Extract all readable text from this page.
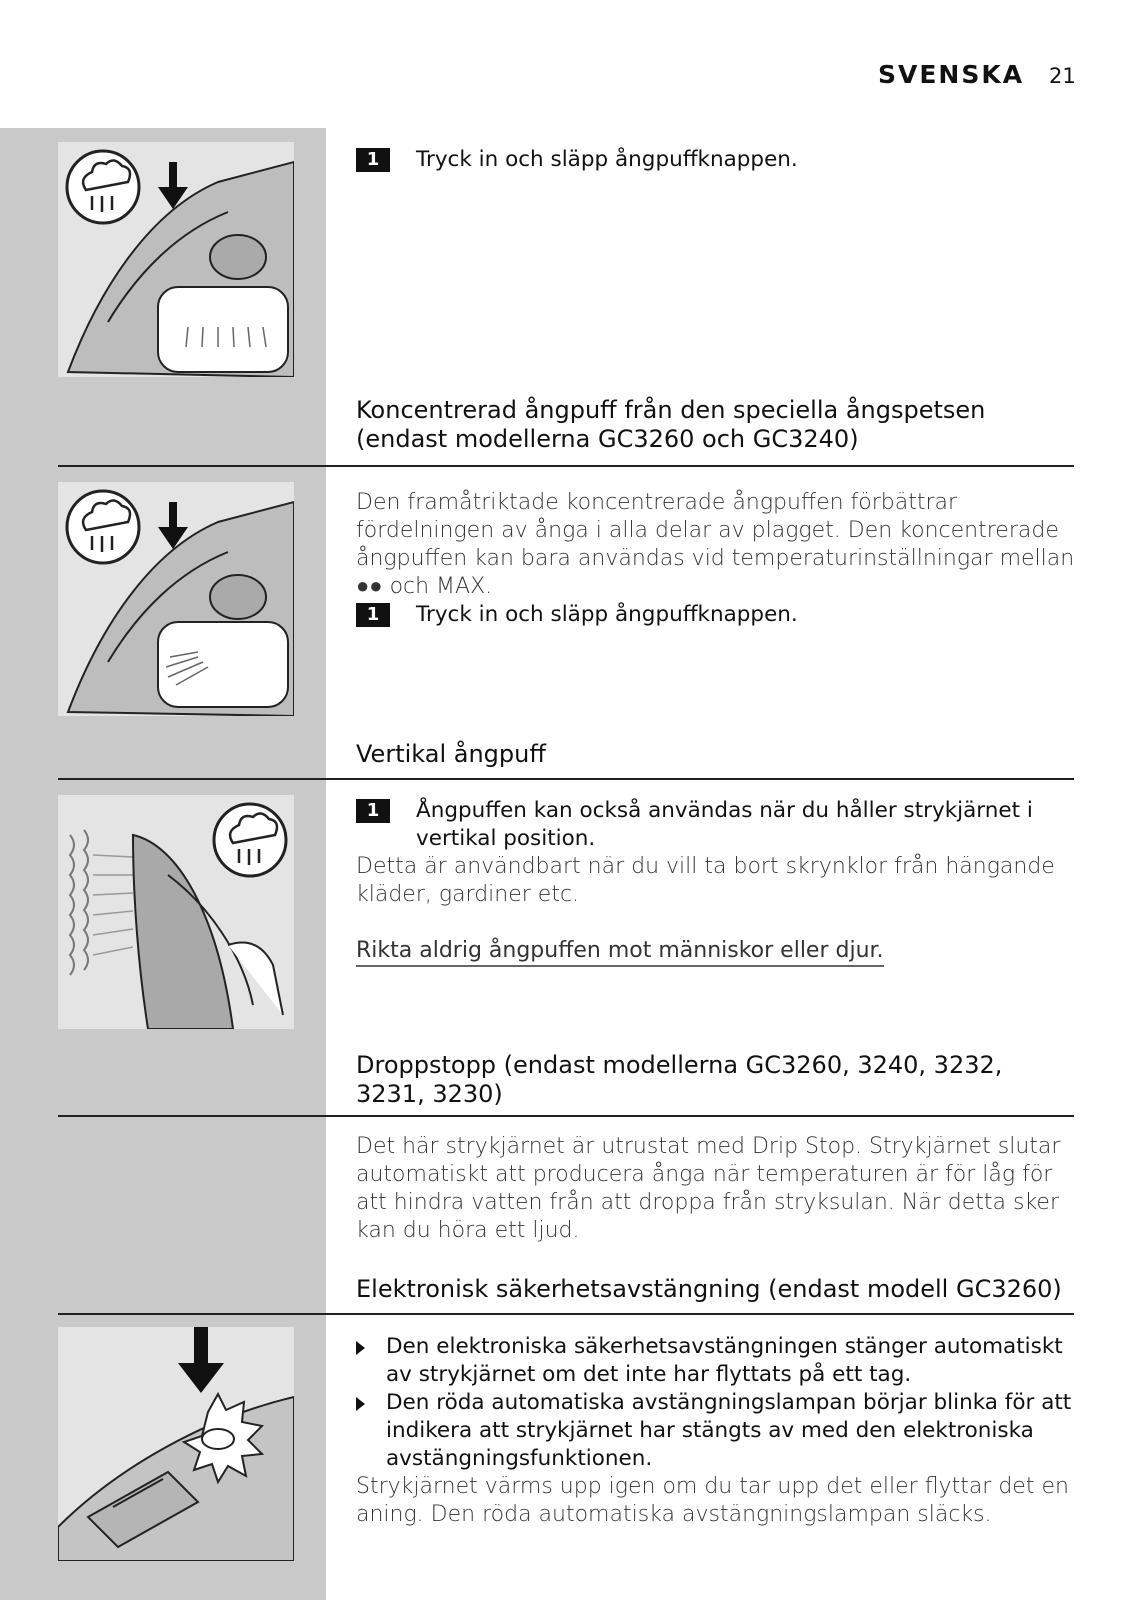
SVENSKA 21
1	Tryck in och släpp ångpuffknappen.
Koncentrerad ångpuff från den speciella ångspetsen (endast modellerna GC3260 och GC3240)
Den framåtriktade koncentrerade ångpuffen förbättrar fördelningen av ånga i alla delar av plagget. Den koncentrerade ångpuffen kan bara användas vid temperaturinställningar mellan ●● och MAX.
1	Tryck in och släpp ångpuffknappen.
Vertikal ångpuff
1	Ångpuffen kan också användas när du håller strykjärnet i vertikal position.
Detta är användbart när du vill ta bort skrynklor från hängande kläder, gardiner etc.
Rikta aldrig ångpuffen mot människor eller djur.
Droppstopp (endast modellerna GC3260, 3240, 3232, 3231, 3230)
Det här strykjärnet är utrustat med Drip Stop. Strykjärnet slutar automatiskt att producera ånga när temperaturen är för låg för att hindra vatten från att droppa från stryksulan. När detta sker kan du höra ett ljud.
Elektronisk säkerhetsavstängning (endast modell GC3260)
Den elektroniska säkerhetsavstängningen stänger automatiskt av strykjärnet om det inte har flyttats på ett tag.
Den röda automatiska avstängningslampan börjar blinka för att indikera att strykjärnet har stängts av med den elektroniska avstängningsfunktionen.
Strykjärnet värms upp igen om du tar upp det eller flyttar det en aning. Den röda automatiska avstängningslampan släcks.
